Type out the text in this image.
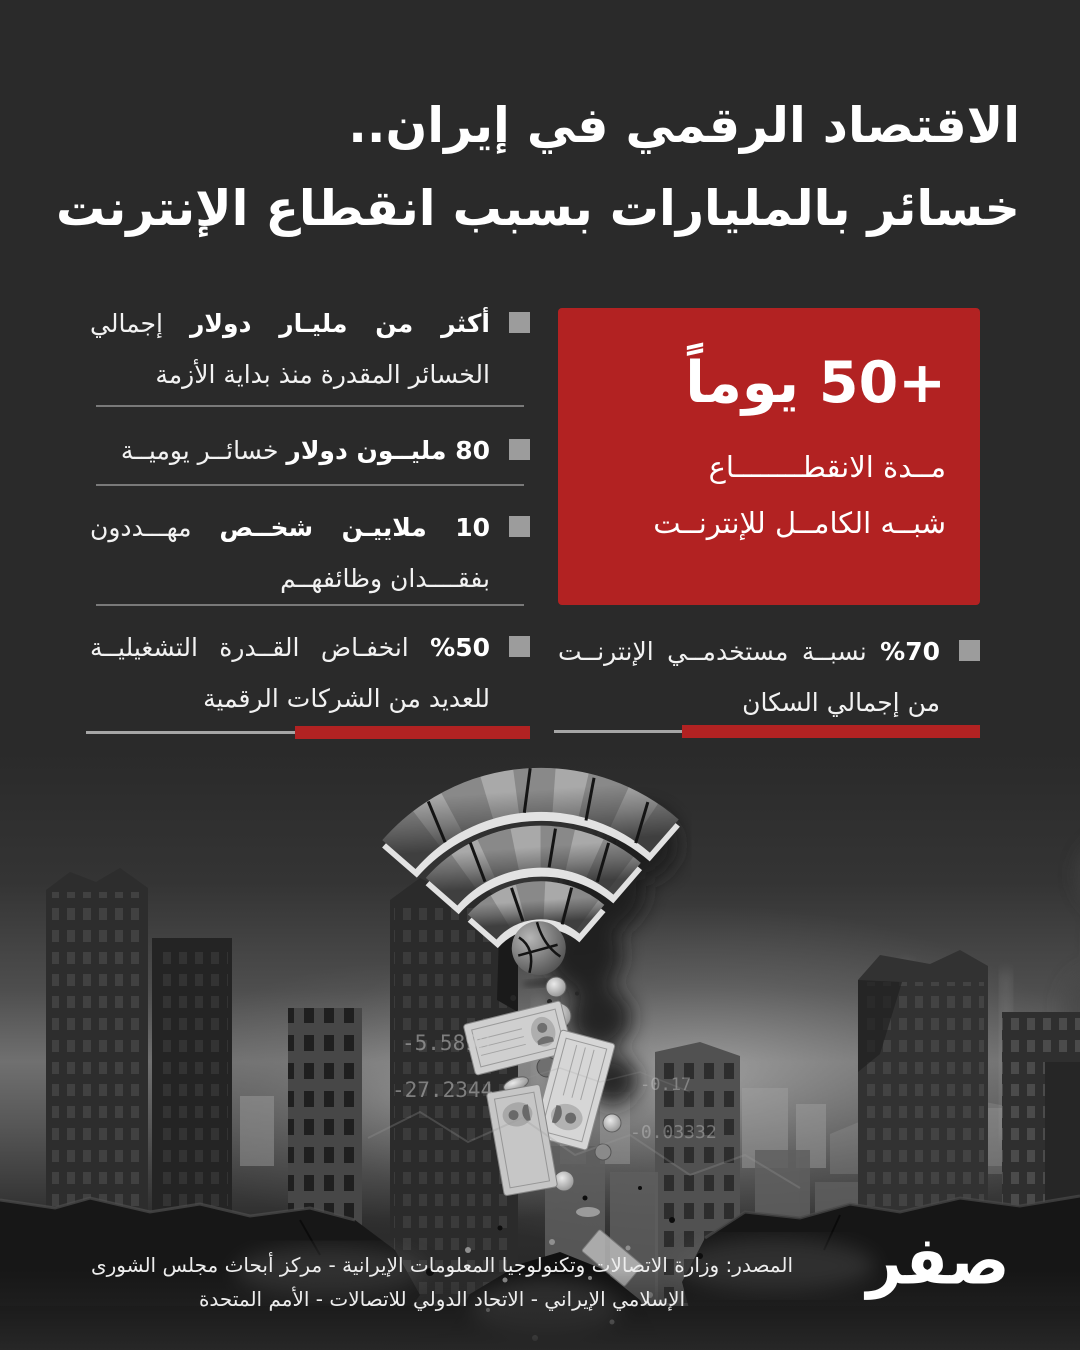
الاقتصاد الرقمي في إيران..
خسائر بالمليارات بسبب انقطاع الإنترنت
أكثر من مليـار دولار إجمالي الخسائر المقدرة منذ بداية الأزمة
80 مليــون دولار خسائــر يوميــة
10 ملاييـن شخــص مهـــددون بفقــــدان وظائفهــم
%50 انخفـاض القــدرة التشغيليــة للعديد من الشركات الرقمية
+50 يوماً
مــدة الانقطــــــــاع
شبــه الكامــل للإنترنــت
%70 نسبــة مستخدمــي الإنترنــت من إجمالي السكان
-5.5898
-27.2344	-0.17
-0.03332
المصدر: وزارة الاتصالات وتكنولوجيا المعلومات الإيرانية - مركز أبحاث مجلس الشورى
الإسلامي الإيراني - الاتحاد الدولي للاتصالات - الأمم المتحدة	صفر
